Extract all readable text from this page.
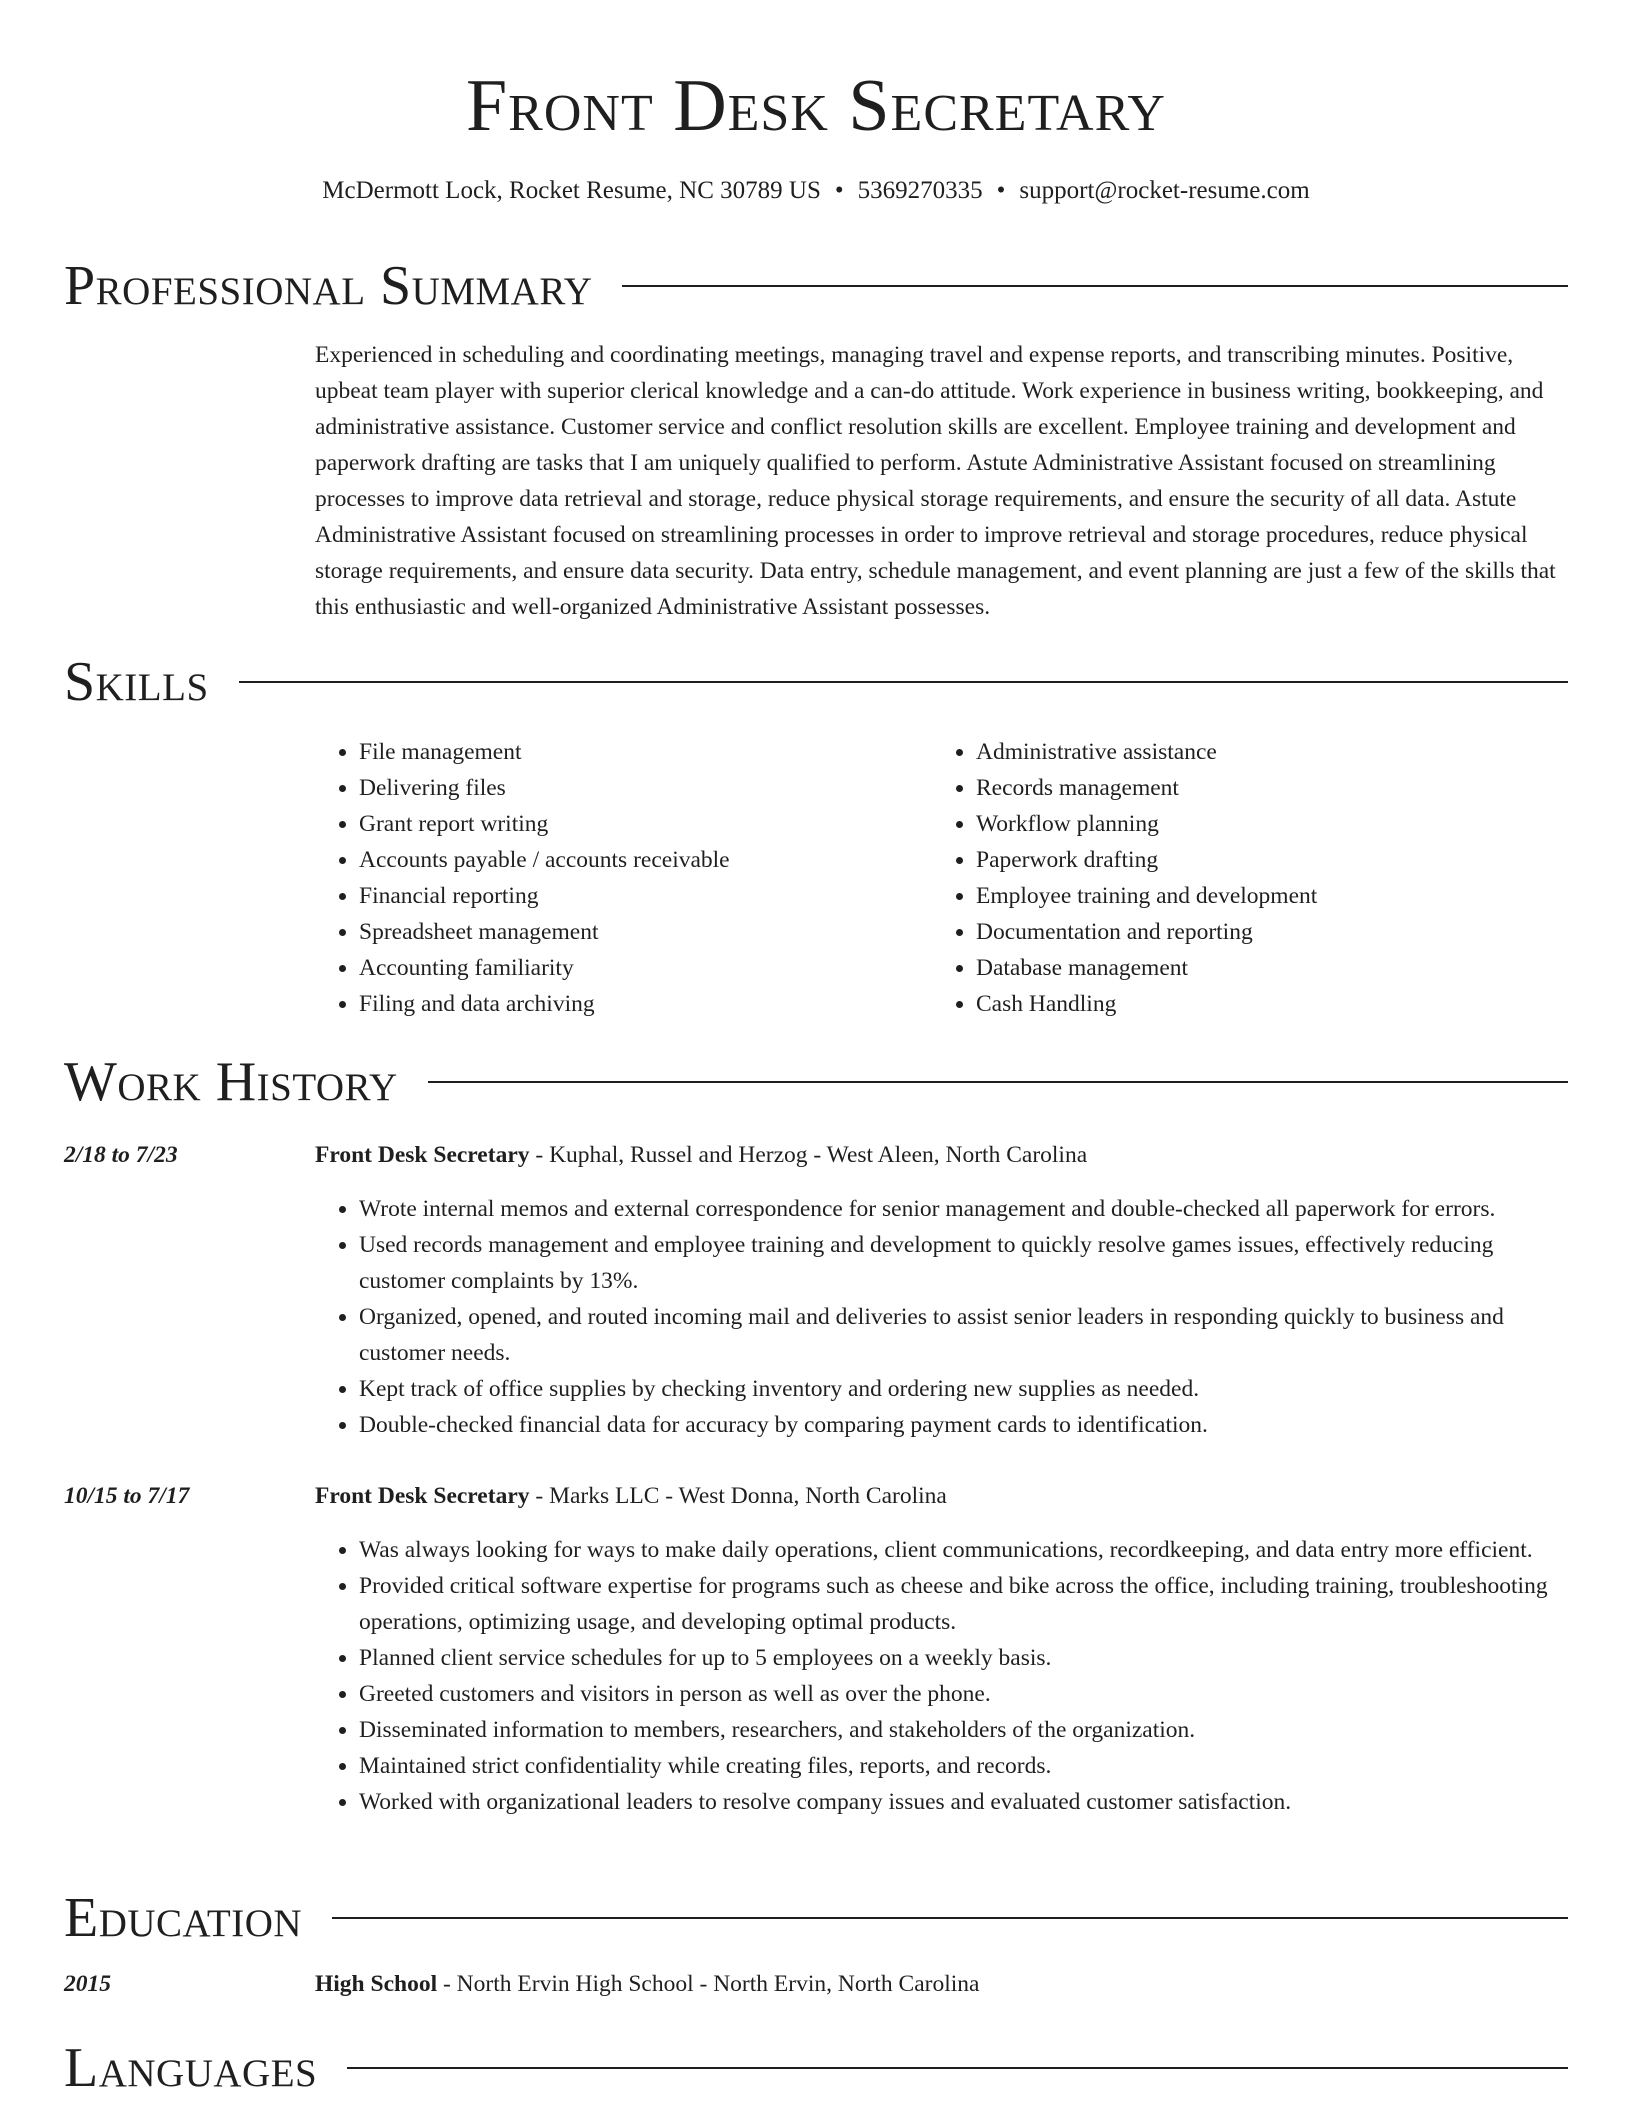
Front Desk Secretary
McDermott Lock, Rocket Resume, NC 30789 US • 5369270335 • support@rocket-resume.com
Professional Summary

Experienced in scheduling and coordinating meetings, managing travel and expense reports, and transcribing minutes. Positive, upbeat team player with superior clerical knowledge and a can-do attitude. Work experience in business writing, bookkeeping, and administrative assistance. Customer service and conflict resolution skills are excellent. Employee training and development and paperwork drafting are tasks that I am uniquely qualified to perform. Astute Administrative Assistant focused on streamlining processes to improve data retrieval and storage, reduce physical storage requirements, and ensure the security of all data. Astute Administrative Assistant focused on streamlining processes in order to improve retrieval and storage procedures, reduce physical storage requirements, and ensure data security. Data entry, schedule management, and event planning are just a few of the skills that this enthusiastic and well-organized Administrative Assistant possesses.

Skills
• File management
• Delivering files
• Grant report writing
• Accounts payable / accounts receivable
• Financial reporting
• Spreadsheet management
• Accounting familiarity
• Filing and data archiving
• Administrative assistance
• Records management
• Workflow planning
• Paperwork drafting
• Employee training and development
• Documentation and reporting
• Database management
• Cash Handling
Work History
2/18 to 7/23	Front Desk Secretary - Kuphal, Russel and Herzog - West Aleen, North Carolina
• Wrote internal memos and external correspondence for senior management and double-checked all paperwork for errors.
• Used records management and employee training and development to quickly resolve games issues, effectively reducing customer complaints by 13%.
• Organized, opened, and routed incoming mail and deliveries to assist senior leaders in responding quickly to business and customer needs.
• Kept track of office supplies by checking inventory and ordering new supplies as needed.
• Double-checked financial data for accuracy by comparing payment cards to identification.
10/15 to 7/17	Front Desk Secretary - Marks LLC - West Donna, North Carolina
• Was always looking for ways to make daily operations, client communications, recordkeeping, and data entry more efficient.
• Provided critical software expertise for programs such as cheese and bike across the office, including training, troubleshooting operations, optimizing usage, and developing optimal products.
• Planned client service schedules for up to 5 employees on a weekly basis.
• Greeted customers and visitors in person as well as over the phone.
• Disseminated information to members, researchers, and stakeholders of the organization.
• Maintained strict confidentiality while creating files, reports, and records.
• Worked with organizational leaders to resolve company issues and evaluated customer satisfaction.
Education
2015	High School - North Ervin High School - North Ervin, North Carolina
Languages
